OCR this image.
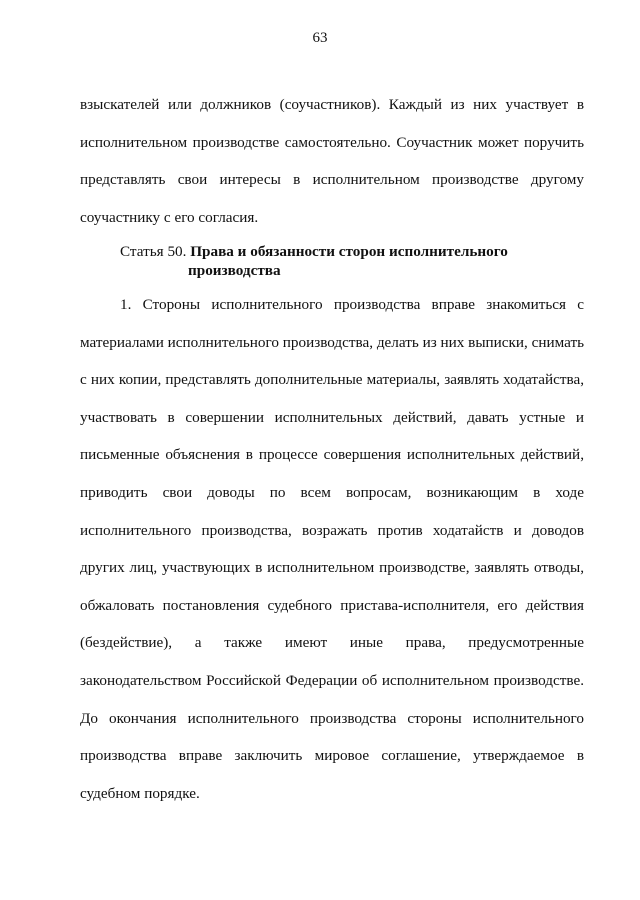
63
взыскателей или должников (соучастников). Каждый из них участвует в
исполнительном производстве самостоятельно. Соучастник может поручить
представлять свои интересы в исполнительном производстве другому
соучастнику с его согласия.
Статья 50. Права и обязанности сторон исполнительного
производства
1. Стороны исполнительного производства вправе знакомиться с
материалами исполнительного производства, делать из них выписки, снимать
с них копии, представлять дополнительные материалы, заявлять ходатайства,
участвовать в совершении исполнительных действий, давать устные и
письменные объяснения в процессе совершения исполнительных действий,
приводить свои доводы по всем вопросам, возникающим в ходе
исполнительного производства, возражать против ходатайств и доводов
других лиц, участвующих в исполнительном производстве, заявлять отводы,
обжаловать постановления судебного пристава-исполнителя, его действия
(бездействие), а также имеют иные права, предусмотренные
законодательством Российской Федерации об исполнительном производстве.
До окончания исполнительного производства стороны исполнительного
производства вправе заключить мировое соглашение, утверждаемое в
судебном порядке.
